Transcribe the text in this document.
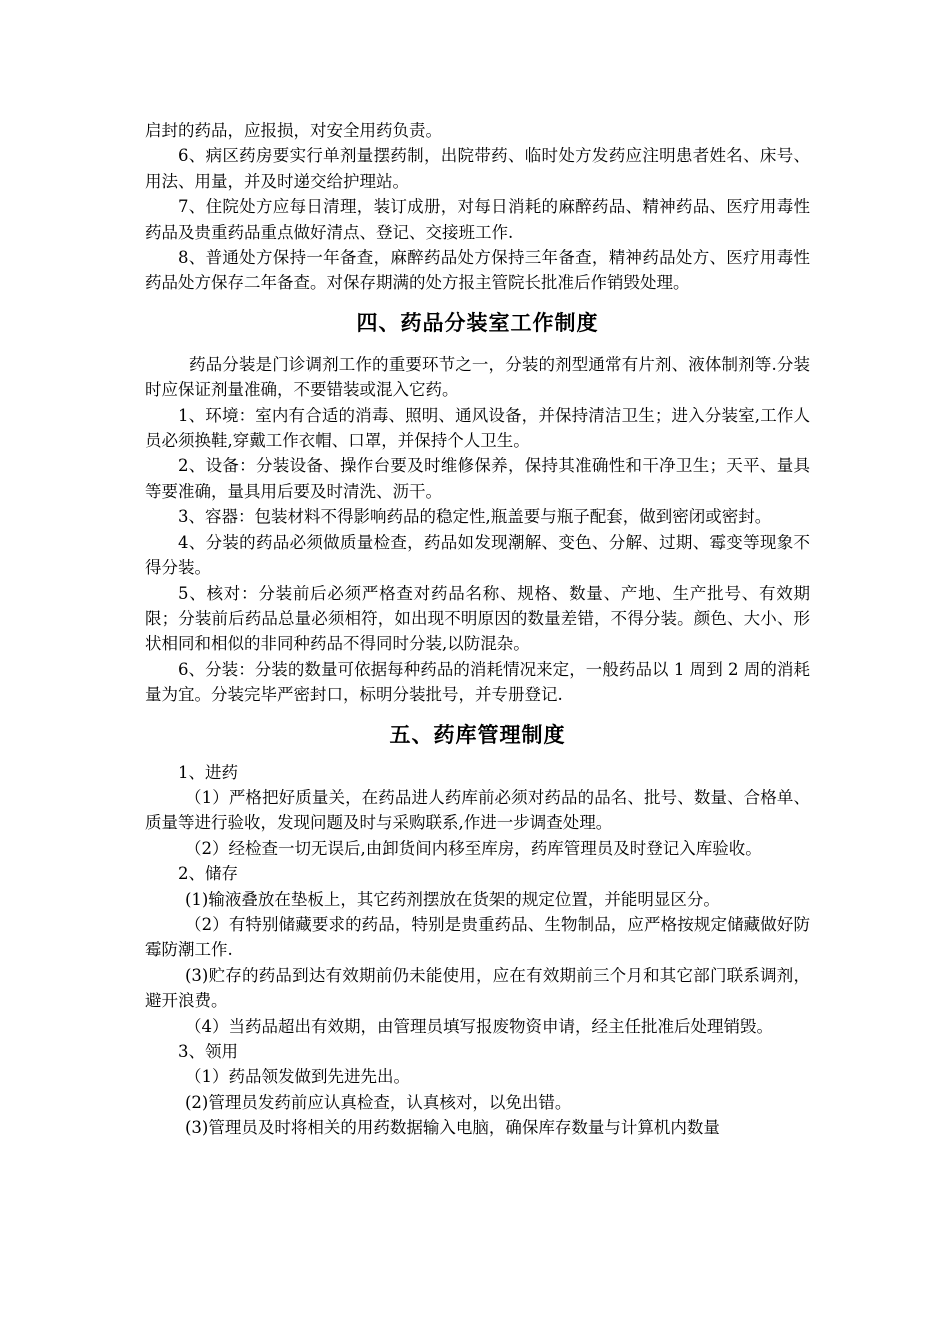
启封的药品，应报损，对安全用药负责。

6、病区药房要实行单剂量摆药制，出院带药、临时处方发药应注明患者姓名、床号、用法、用量，并及时递交给护理站。

7、住院处方应每日清理，装订成册，对每日消耗的麻醉药品、精神药品、医疗用毒性药品及贵重药品重点做好清点、登记、交接班工作.

8、普通处方保持一年备查，麻醉药品处方保持三年备查，精神药品处方、医疗用毒性药品处方保存二年备查。对保存期满的处方报主管院长批准后作销毁处理。

四、药品分装室工作制度

药品分装是门诊调剂工作的重要环节之一，分装的剂型通常有片剂、液体制剂等.分装时应保证剂量准确，不要错装或混入它药。

1、环境：室内有合适的消毒、照明、通风设备，并保持清洁卫生；进入分装室,工作人员必须换鞋,穿戴工作衣帽、口罩，并保持个人卫生。

2、设备：分装设备、操作台要及时维修保养，保持其准确性和干净卫生；天平、量具等要准确，量具用后要及时清洗、沥干。

3、容器：包装材料不得影响药品的稳定性,瓶盖要与瓶子配套，做到密闭或密封。

4、分装的药品必须做质量检查，药品如发现潮解、变色、分解、过期、霉变等现象不得分装。

5、核对：分装前后必须严格查对药品名称、规格、数量、产地、生产批号、有效期限；分装前后药品总量必须相符，如出现不明原因的数量差错，不得分装。颜色、大小、形状相同和相似的非同种药品不得同时分装,以防混杂。

6、分装：分装的数量可依据每种药品的消耗情况来定，一般药品以 1 周到 2 周的消耗量为宜。分装完毕严密封口，标明分装批号，并专册登记.

五、药库管理制度

1、进药

（1）严格把好质量关，在药品进人药库前必须对药品的品名、批号、数量、合格单、质量等进行验收，发现问题及时与采购联系,作进一步调查处理。

（2）经检查一切无误后,由卸货间内移至库房，药库管理员及时登记入库验收。

2、储存

(1)输液叠放在垫板上，其它药剂摆放在货架的规定位置，并能明显区分。

（2）有特别储藏要求的药品，特别是贵重药品、生物制品，应严格按规定储藏做好防霉防潮工作.

(3)贮存的药品到达有效期前仍未能使用，应在有效期前三个月和其它部门联系调剂，避开浪费。

（4）当药品超出有效期，由管理员填写报废物资申请，经主任批准后处理销毁。

3、领用

（1）药品领发做到先进先出。

(2)管理员发药前应认真检查，认真核对，以免出错。

(3)管理员及时将相关的用药数据输入电脑，确保库存数量与计算机内数量
